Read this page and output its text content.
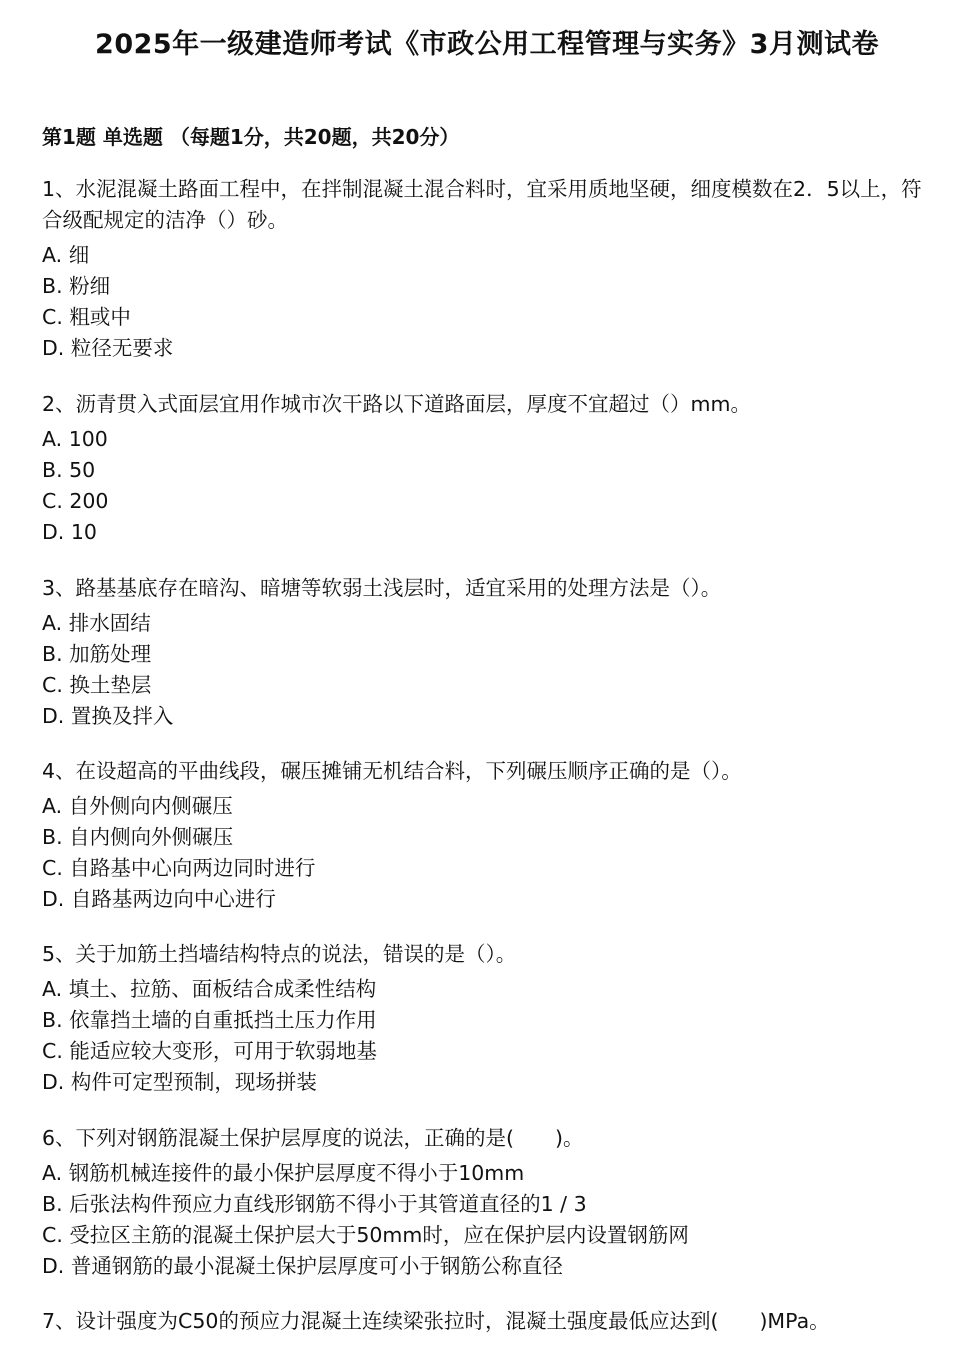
2025年一级建造师考试《市政公用工程管理与实务》3月测试卷
第1题 单选题 （每题1分，共20题，共20分）
1、水泥混凝土路面工程中，在拌制混凝土混合料时，宜采用质地坚硬，细度模数在2．5以上，符合级配规定的洁净（）砂。
A. 细
B. 粉细
C. 粗或中
D. 粒径无要求
2、沥青贯入式面层宜用作城市次干路以下道路面层，厚度不宜超过（）mm。
A. 100
B. 50
C. 200
D. 10
3、路基基底存在暗沟、暗塘等软弱土浅层时，适宜采用的处理方法是（）。
A. 排水固结
B. 加筋处理
C. 换土垫层
D. 置换及拌入
4、在设超高的平曲线段，碾压摊铺无机结合料，下列碾压顺序正确的是（）。
A. 自外侧向内侧碾压
B. 自内侧向外侧碾压
C. 自路基中心向两边同时进行
D. 自路基两边向中心进行
5、关于加筋土挡墙结构特点的说法，错误的是（）。
A. 填土、拉筋、面板结合成柔性结构
B. 依靠挡土墙的自重抵挡土压力作用
C. 能适应较大变形，可用于软弱地基
D. 构件可定型预制，现场拼装
6、下列对钢筋混凝土保护层厚度的说法，正确的是(　　)。
A. 钢筋机械连接件的最小保护层厚度不得小于10mm
B. 后张法构件预应力直线形钢筋不得小于其管道直径的1 / 3
C. 受拉区主筋的混凝土保护层大于50mm时，应在保护层内设置钢筋网
D. 普通钢筋的最小混凝土保护层厚度可小于钢筋公称直径
7、设计强度为C50的预应力混凝土连续梁张拉时，混凝土强度最低应达到(　　)MPa。
